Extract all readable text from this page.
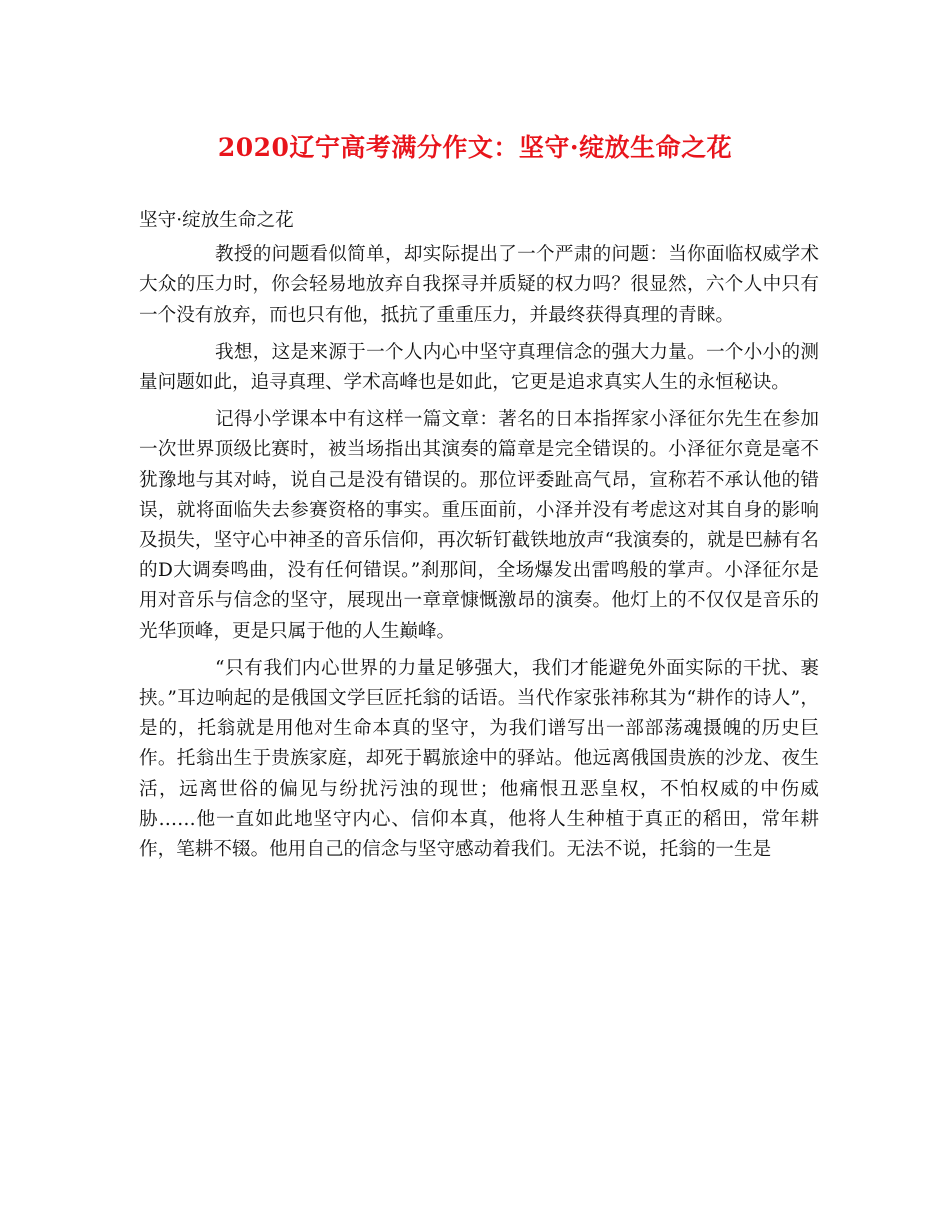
2020辽宁高考满分作文：坚守·绽放生命之花

坚守·绽放生命之花

教授的问题看似简单，却实际提出了一个严肃的问题：当你面临权威学术大众的压力时，你会轻易地放弃自我探寻并质疑的权力吗？很显然，六个人中只有一个没有放弃，而也只有他，抵抗了重重压力，并最终获得真理的青睐。

我想，这是来源于一个人内心中坚守真理信念的强大力量。一个小小的测量问题如此，追寻真理、学术高峰也是如此，它更是追求真实人生的永恒秘诀。

记得小学课本中有这样一篇文章：著名的日本指挥家小泽征尔先生在参加一次世界顶级比赛时，被当场指出其演奏的篇章是完全错误的。小泽征尔竟是毫不犹豫地与其对峙，说自己是没有错误的。那位评委趾高气昂，宣称若不承认他的错误，就将面临失去参赛资格的事实。重压面前，小泽并没有考虑这对其自身的影响及损失，坚守心中神圣的音乐信仰，再次斩钉截铁地放声“我演奏的，就是巴赫有名的D大调奏鸣曲，没有任何错误。”刹那间，全场爆发出雷鸣般的掌声。小泽征尔是用对音乐与信念的坚守，展现出一章章慷慨激昂的演奏。他灯上的不仅仅是音乐的光华顶峰，更是只属于他的人生巅峰。

“只有我们内心世界的力量足够强大，我们才能避免外面实际的干扰、裹挟。”耳边响起的是俄国文学巨匠托翁的话语。当代作家张祎称其为“耕作的诗人”，是的，托翁就是用他对生命本真的坚守，为我们谱写出一部部荡魂摄魄的历史巨作。托翁出生于贵族家庭，却死于羁旅途中的驿站。他远离俄国贵族的沙龙、夜生活，远离世俗的偏见与纷扰污浊的现世；他痛恨丑恶皇权，不怕权威的中伤威胁……他一直如此地坚守内心、信仰本真，他将人生种植于真正的稻田，常年耕作，笔耕不辍。他用自己的信念与坚守感动着我们。无法不说，托翁的一生是
